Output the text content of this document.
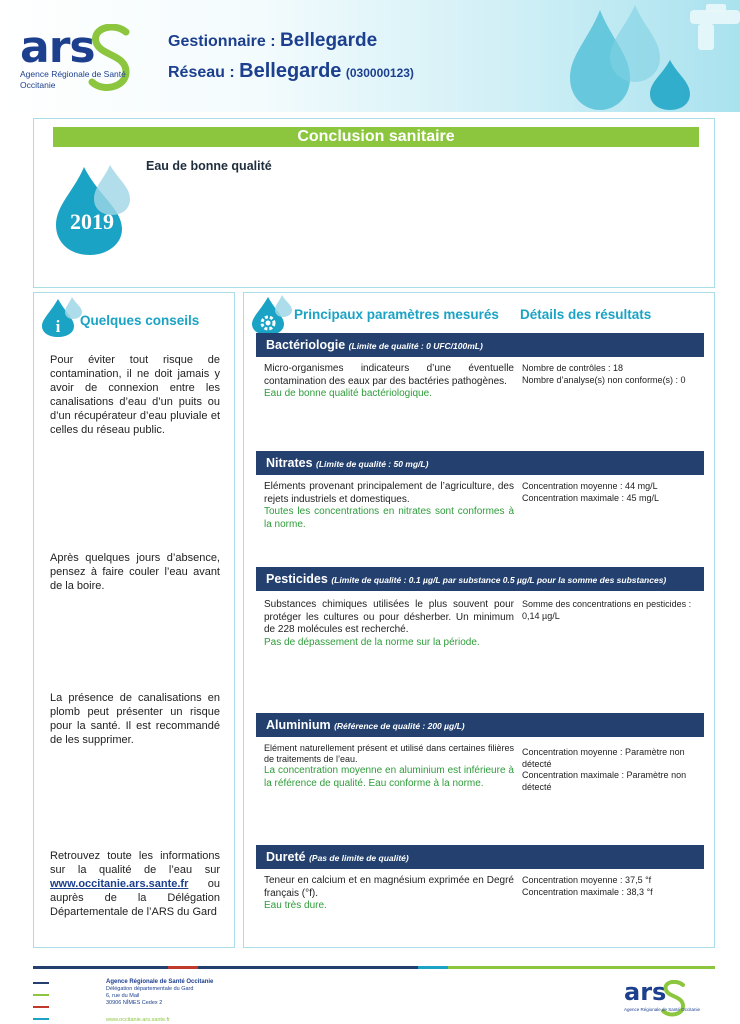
ars
Agence Régionale de Santé
Occitanie
Gestionnaire : Bellegarde
Réseau : Bellegarde (030000123)
Conclusion sanitaire
2019
Eau de bonne qualité
i Quelques conseils
Pour éviter tout risque de contamination, il ne doit jamais y avoir de connexion entre les canalisations d’eau d’un puits ou d’un récupérateur d’eau pluviale et celles du réseau public.
Après quelques jours d’absence, pensez à faire couler l’eau avant de la boire.
La présence de canalisations en plomb peut présenter un risque pour la santé. Il est recommandé de les supprimer.
Retrouvez toute les informations sur la qualité de l’eau sur www.occitanie.ars.sante.fr ou auprès de la Délégation Départementale de l’ARS du Gard
Principaux paramètres mesurés Détails des résultats
Bactériologie (Limite de qualité : 0 UFC/100mL)
Micro-organismes indicateurs d’une éventuelle contamination des eaux par des bactéries pathogènes.
Eau de bonne qualité bactériologique.
Nombre de contrôles : 18
Nombre d’analyse(s) non conforme(s) : 0
Nitrates (Limite de qualité : 50 mg/L)
Eléments provenant principalement de l’agriculture, des rejets industriels et domestiques.
Toutes les concentrations en nitrates sont conformes à la norme.
Concentration moyenne : 44 mg/L
Concentration maximale : 45 mg/L
Pesticides (Limite de qualité : 0.1 µg/L par substance 0.5 µg/L pour la somme des substances)
Substances chimiques utilisées le plus souvent pour protéger les cultures ou pour désherber. Un minimum de 228 molécules est recherché.
Pas de dépassement de la norme sur la période.
Somme des concentrations en pesticides : 0,14 µg/L
Aluminium (Référence de qualité : 200 µg/L)
Elément naturellement présent et utilisé dans certaines filières de traitements de l’eau.
La concentration moyenne en aluminium est inférieure à la référence de qualité. Eau conforme à la norme.
Concentration moyenne : Paramètre non détecté
Concentration maximale : Paramètre non détecté
Dureté (Pas de limite de qualité)
Teneur en calcium et en magnésium exprimée en Degré français (°f).
Eau très dure.
Concentration moyenne : 37,5 °f
Concentration maximale : 38,3 °f
Agence Régionale de Santé Occitanie
Délégation départementale du Gard
6, rue du Mail
30906 NÎMES Cedex 2
www.occitanie.ars.sante.fr
ars
Agence Régionale de Santé Occitanie
